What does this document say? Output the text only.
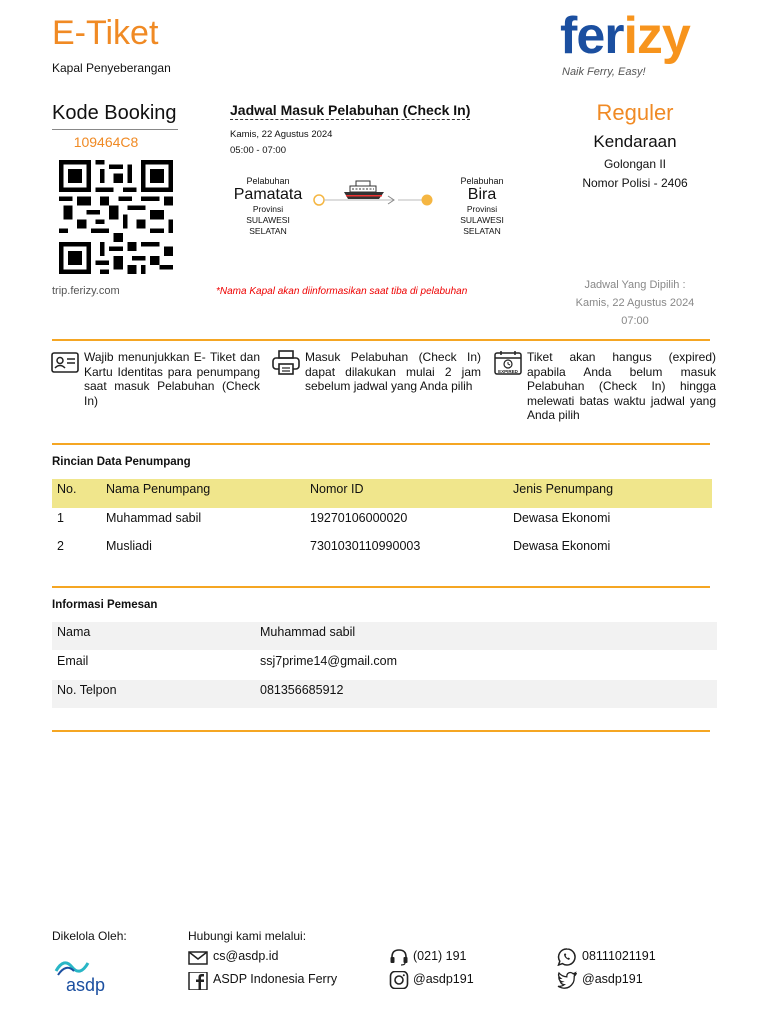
E-Tiket
Kapal Penyeberangan
ferizy
Naik Ferry, Easy!
Kode Booking
109464C8
trip.ferizy.com
Jadwal Masuk Pelabuhan (Check In)
Kamis, 22 Agustus 2024
05:00 - 07:00
Pelabuhan
Pamatata
Provinsi
SULAWESI
SELATAN
Pelabuhan
Bira
Provinsi
SULAWESI
SELATAN
*Nama Kapal akan diinformasikan saat tiba di pelabuhan
Reguler
Kendaraan
Golongan II
Nomor Polisi - 2406
Jadwal Yang Dipilih :
Kamis, 22 Agustus 2024
07:00
Wajib menunjukkan E- Tiket dan Kartu Identitas para penumpang saat masuk Pelabuhan (Check In)
Masuk Pelabuhan (Check In) dapat dilakukan mulai 2 jam sebelum jadwal yang Anda pilih
EXPIRED
Tiket akan hangus (expired) apabila Anda belum masuk Pelabuhan (Check In) hingga melewati batas waktu jadwal yang Anda pilih
Rincian Data Penumpang
No. Nama Penumpang	Nomor ID	Jenis Penumpang
1	Muhammad sabil	19270106000020	Dewasa Ekonomi
2	Musliadi	7301030110990003	Dewasa Ekonomi
Informasi Pemesan
Nama	Muhammad sabil
Email	ssj7prime14@gmail.com
No. Telpon	081356685912
Dikelola Oleh:
asdp
Hubungi kami melalui:
cs@asdp.id
ASDP Indonesia Ferry
(021) 191
@asdp191
08111021191
@asdp191
